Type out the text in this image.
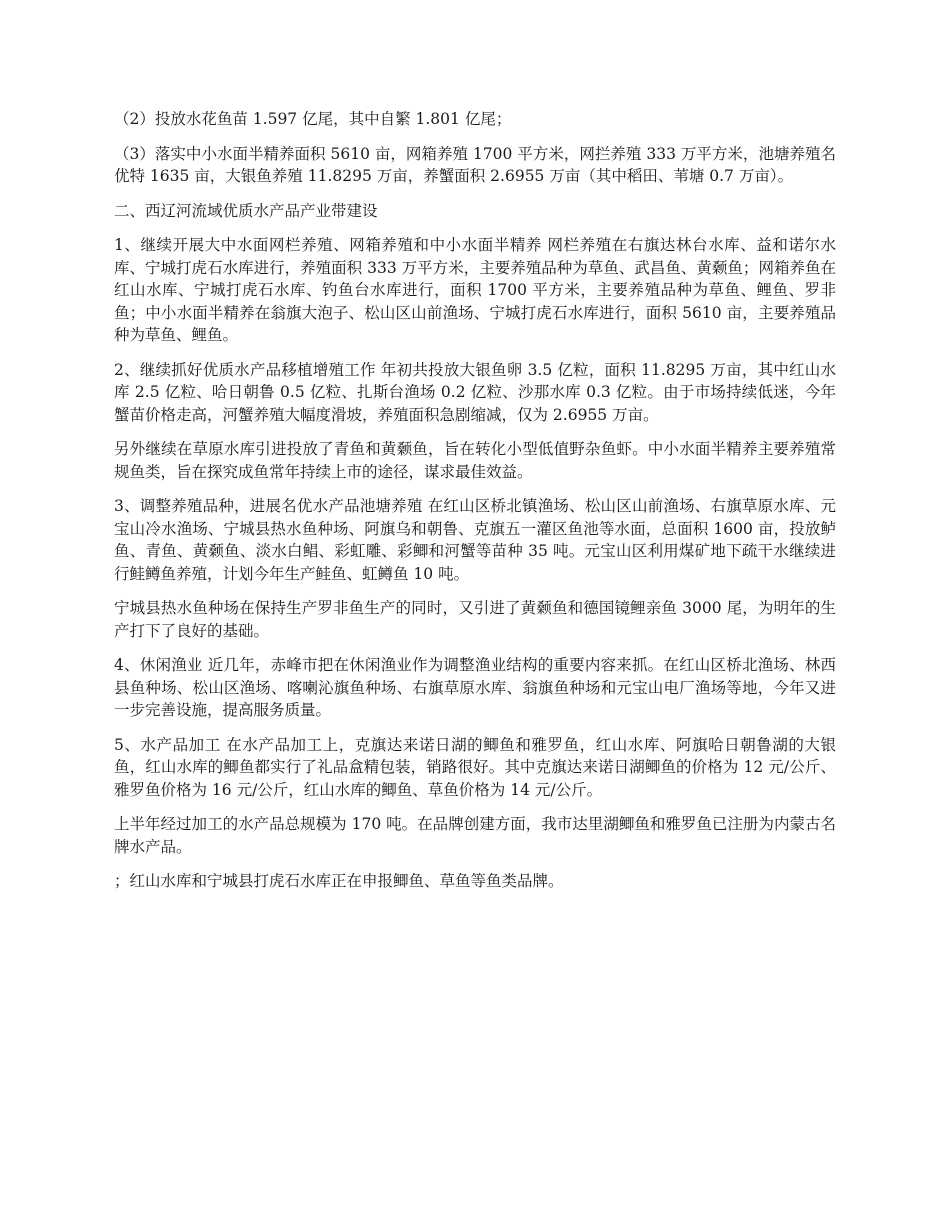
（2）投放水花鱼苗 1.597 亿尾，其中自繁 1.801 亿尾；

（3）落实中小水面半精养面积 5610 亩，网箱养殖 1700 平方米，网拦养殖 333 万平方米，池塘养殖名优特 1635 亩，大银鱼养殖 11.8295 万亩，养蟹面积 2.6955 万亩（其中稻田、苇塘 0.7 万亩）。

二、西辽河流域优质水产品产业带建设

1、继续开展大中水面网栏养殖、网箱养殖和中小水面半精养 网栏养殖在右旗达林台水库、益和诺尔水库、宁城打虎石水库进行，养殖面积 333 万平方米，主要养殖品种为草鱼、武昌鱼、黄颡鱼；网箱养鱼在红山水库、宁城打虎石水库、钓鱼台水库进行，面积 1700 平方米，主要养殖品种为草鱼、鲤鱼、罗非鱼；中小水面半精养在翁旗大泡子、松山区山前渔场、宁城打虎石水库进行，面积 5610 亩，主要养殖品种为草鱼、鲤鱼。

2、继续抓好优质水产品移植增殖工作 年初共投放大银鱼卵 3.5 亿粒，面积 11.8295 万亩，其中红山水库 2.5 亿粒、哈日朝鲁 0.5 亿粒、扎斯台渔场 0.2 亿粒、沙那水库 0.3 亿粒。由于市场持续低迷，今年蟹苗价格走高，河蟹养殖大幅度滑坡，养殖面积急剧缩减，仅为 2.6955 万亩。

另外继续在草原水库引进投放了青鱼和黄颡鱼，旨在转化小型低值野杂鱼虾。中小水面半精养主要养殖常规鱼类，旨在探究成鱼常年持续上市的途径，谋求最佳效益。

3、调整养殖品种，进展名优水产品池塘养殖 在红山区桥北镇渔场、松山区山前渔场、右旗草原水库、元宝山冷水渔场、宁城县热水鱼种场、阿旗乌和朝鲁、克旗五一灌区鱼池等水面，总面积 1600 亩，投放鲈鱼、青鱼、黄颡鱼、淡水白鲳、彩虹雕、彩鲫和河蟹等苗种 35 吨。元宝山区利用煤矿地下疏干水继续进行鲑鳟鱼养殖，计划今年生产鲑鱼、虹鳟鱼 10 吨。

宁城县热水鱼种场在保持生产罗非鱼生产的同时，又引进了黄颡鱼和德国镜鲤亲鱼 3000 尾，为明年的生产打下了良好的基础。

4、休闲渔业 近几年，赤峰市把在休闲渔业作为调整渔业结构的重要内容来抓。在红山区桥北渔场、林西县鱼种场、松山区渔场、喀喇沁旗鱼种场、右旗草原水库、翁旗鱼种场和元宝山电厂渔场等地，今年又进一步完善设施，提高服务质量。

5、水产品加工 在水产品加工上，克旗达来诺日湖的鲫鱼和雅罗鱼，红山水库、阿旗哈日朝鲁湖的大银鱼，红山水库的鲫鱼都实行了礼品盒精包装，销路很好。其中克旗达来诺日湖鲫鱼的价格为 12 元/公斤、雅罗鱼价格为 16 元/公斤，红山水库的鲫鱼、草鱼价格为 14 元/公斤。

上半年经过加工的水产品总规模为 170 吨。在品牌创建方面，我市达里湖鲫鱼和雅罗鱼已注册为内蒙古名牌水产品。

；红山水库和宁城县打虎石水库正在申报鲫鱼、草鱼等鱼类品牌。
